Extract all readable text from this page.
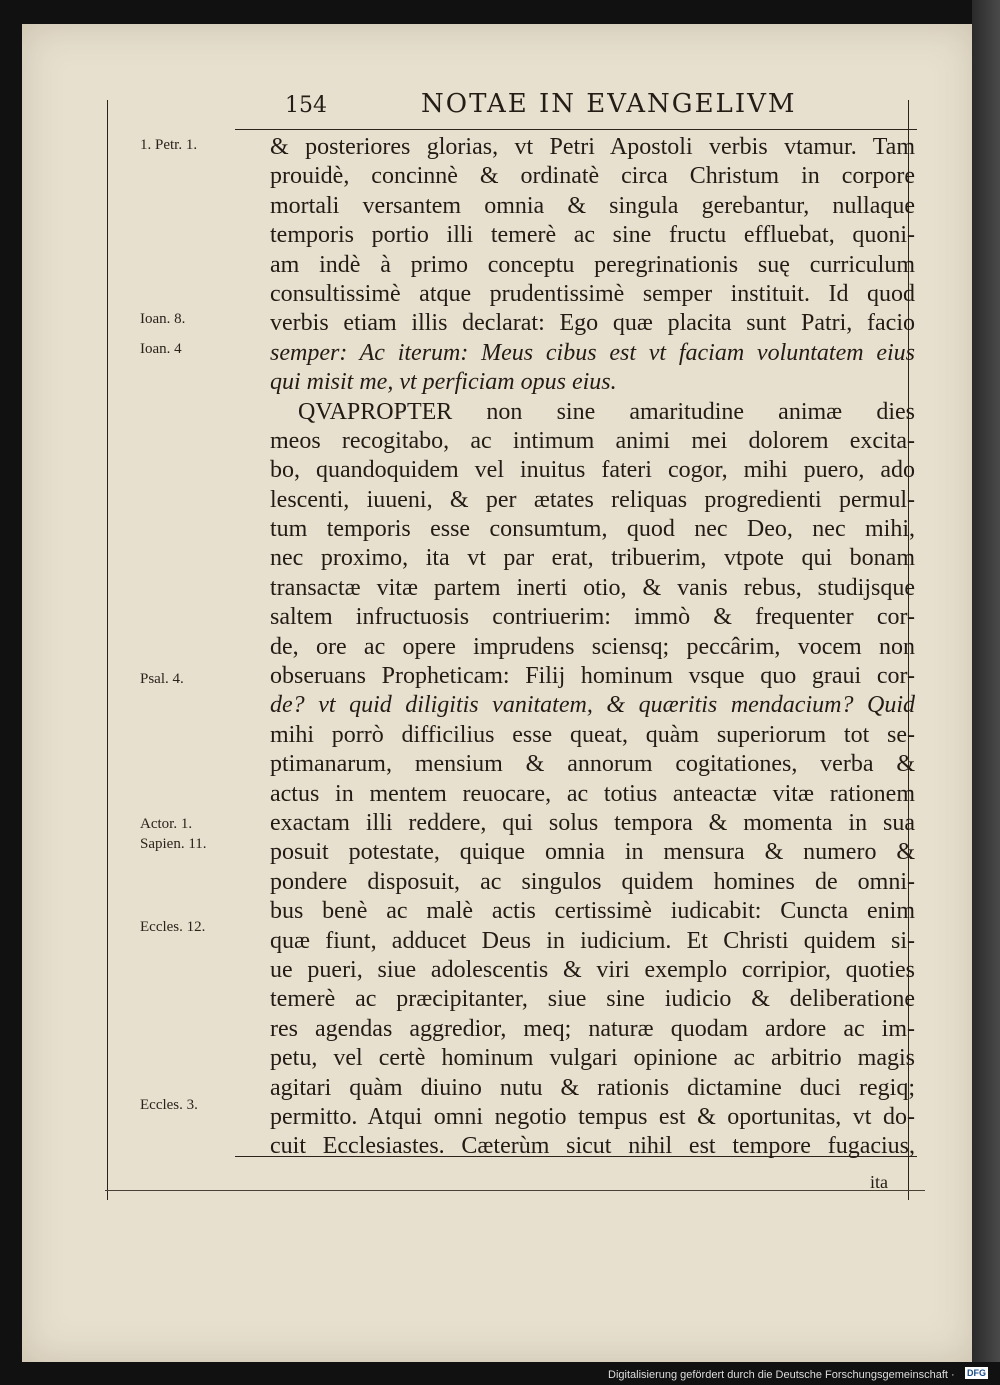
154	NOTAE IN EVANGELIVM
1. Petr. 1.
Ioan. 8.
Ioan. 4
Psal. 4.
Actor. 1.
Sapien. 11.
Eccles. 12.
Eccles. 3.
& posteriores glorias, vt Petri Apostoli verbis vtamur. Tam
prouidè, concinnè & ordinatè circa Christum in corpore
mortali versantem omnia & singula gerebantur, nullaque
temporis portio illi temerè ac sine fructu effluebat, quoni-
am indè à primo conceptu peregrinationis suę curriculum
consultissimè atque prudentissimè semper instituit. Id quod
verbis etiam illis declarat: Ego quæ placita sunt Patri, facio
semper: Ac iterum: Meus cibus est vt faciam voluntatem eius
qui misit me, vt perficiam opus eius.
QVAPROPTER non sine amaritudine animæ dies
meos recogitabo, ac intimum animi mei dolorem excita-
bo, quandoquidem vel inuitus fateri cogor, mihi puero, ado
lescenti, iuueni, & per ætates reliquas progredienti permul-
tum temporis esse consumtum, quod nec Deo, nec mihi,
nec proximo, ita vt par erat, tribuerim, vtpote qui bonam
transactæ vitæ partem inerti otio, & vanis rebus, studijsque
saltem infructuosis contriuerim: immò & frequenter cor-
de, ore ac opere imprudens sciensq; peccârim, vocem non
obseruans Propheticam: Filij hominum vsque quo graui cor-
de? vt quid diligitis vanitatem, & quæritis mendacium? Quid
mihi porrò difficilius esse queat, quàm superiorum tot se-
ptimanarum, mensium & annorum cogitationes, verba &
actus in mentem reuocare, ac totius anteactæ vitæ rationem
exactam illi reddere, qui solus tempora & momenta in sua
posuit potestate, quique omnia in mensura & numero &
pondere disposuit, ac singulos quidem homines de omni-
bus benè ac malè actis certissimè iudicabit: Cuncta enim
quæ fiunt, adducet Deus in iudicium. Et Christi quidem si-
ue pueri, siue adolescentis & viri exemplo corripior, quoties
temerè ac præcipitanter, siue sine iudicio & deliberatione
res agendas aggredior, meq; naturæ quodam ardore ac im-
petu, vel certè hominum vulgari opinione ac arbitrio magis
agitari quàm diuino nutu & rationis dictamine duci regiq;
permitto. Atqui omni negotio tempus est & oportunitas, vt do-
cuit Ecclesiastes. Cæterùm sicut nihil est tempore fugacius,
ita
Digitalisierung gefördert durch die Deutsche Forschungsgemeinschaft · DFG
